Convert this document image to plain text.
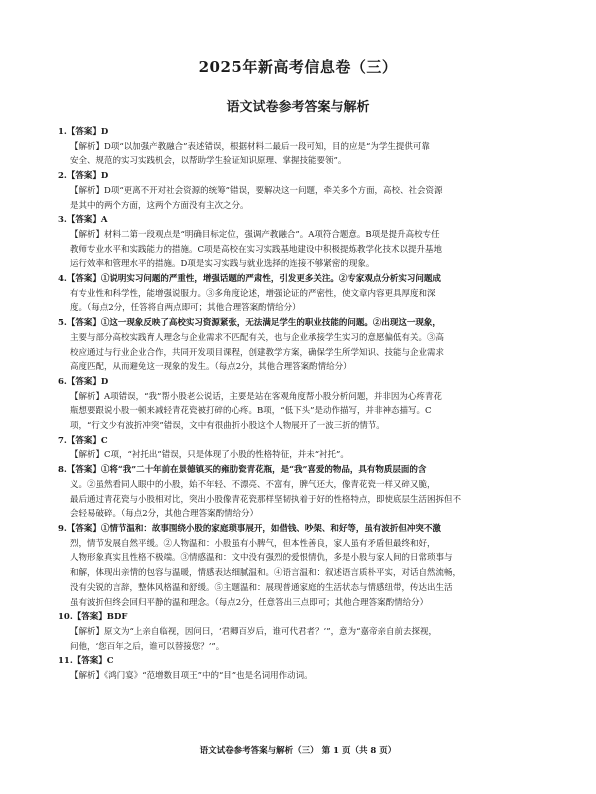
2025年新高考信息卷（三）
语文试卷参考答案与解析
1.【答案】D
【解析】D项“以加强产教融合”表述错误，根据材料二最后一段可知，目的应是“为学生提供可靠
安全、规范的实习实践机会，以帮助学生验证知识原理、掌握技能要领”。
2.【答案】D
【解析】D项“更离不开对社会资源的统筹”错误，要解决这一问题，牵关多个方面，高校、社会资源
是其中的两个方面，这两个方面没有主次之分。
3.【答案】A
【解析】材料二第一段观点是“明确目标定位，强调产教融合”。A项符合题意。B项是提升高校专任
教师专业水平和实践能力的措施。C项是高校在实习实践基地建设中积极提炼教学化技术以提升基地
运行效率和管理水平的措施。D项是实习实践与就业选择的连接不够紧密的现象。
4.【答案】①说明实习问题的严重性，增强话题的严肃性，引发更多关注。②专家观点分析实习问题成
有专业性和科学性，能增强说服力。③多角度论述，增强论证的严密性，使文章内容更具厚度和深
度。（每点2分，任答将自两点即可；其他合理答案酌情给分）
5.【答案】①这一现象反映了高校实习资源紧张，无法满足学生的职业技能的问题。②出现这一现象，
主要与部分高校实践育人理念与企业需求不匹配有关，也与企业承接学生实习的意愿偏低有关。③高
校应通过与行业企业合作，共同开发项目课程，创建教学方案，确保学生所学知识、技能与企业需求
高度匹配，从而避免这一现象的发生。（每点2分，其他合理答案酌情给分）
6.【答案】D
【解析】A项错误，“我”帮小股老公说话，主要是站在客观角度帮小股分析问题，并非因为心疼青花
瓶想要跟说小股一顿来减轻青花瓷被打碎的心疼。B项，“低下头”是动作描写，并非神态描写。C
项，“行文少有波折冲突”错误，文中有很曲折小股这个人物展开了一波三折的情节。
7.【答案】C
【解析】C项，“衬托出”错误，只是体现了小股的性格特征，并未“衬托”。
8.【答案】①将“我”二十年前在景德镇买的雍肋瓷青花瓶，是“我”喜爱的物品，具有物质层面的含
义。②虽然看同人眼中的小股，始不年轻、不漂亮、不富有，脾气还大，像青花瓷一样又碎又脆，
最后通过青花瓷与小股相对比，突出小股像青花瓷那样坚韧执着于好的性格特点，即使底层生活困拆但不
会轻易破碎。（每点2分，其他合理答案酌情给分）
9.【答案】①情节温和：故事围绕小股的家庭琐事展开，如借钱、吵架、和好等，虽有波折但冲突不激
烈，情节发展自然平缓。②人物温和：小股虽有小脾气，但本性善良，家人虽有矛盾但最终和好，
人物形象真实且性格不极端。③情感温和：文中没有强烈的爱恨情仇，多是小股与家人间的日常琐事与
和解，体现出亲情的包容与温暖，情感表达细腻温和。④语言温和：叙述语言质朴平实，对话自然流畅，
没有尖锐的言辞，整体风格温和舒缓。⑤主题温和：展现普通家庭的生活状态与情感纽带，传达出生活
虽有波折但终会回归平静的温和理念。（每点2分，任意答出三点即可；其他合理答案酌情给分）
10.【答案】BDF
【解析】原文为“上亲自临视，因问曰，‘君卿百岁后，谁可代君者？’”，意为“嘉帝亲自前去探视，
问他，‘您百年之后，谁可以替接您？’”。
11.【答案】C
【解析】《鸿门宴》“范增数目项王”中的“目”也是名词用作动词。
语文试卷参考答案与解析（三） 第 1 页（共 8 页）
